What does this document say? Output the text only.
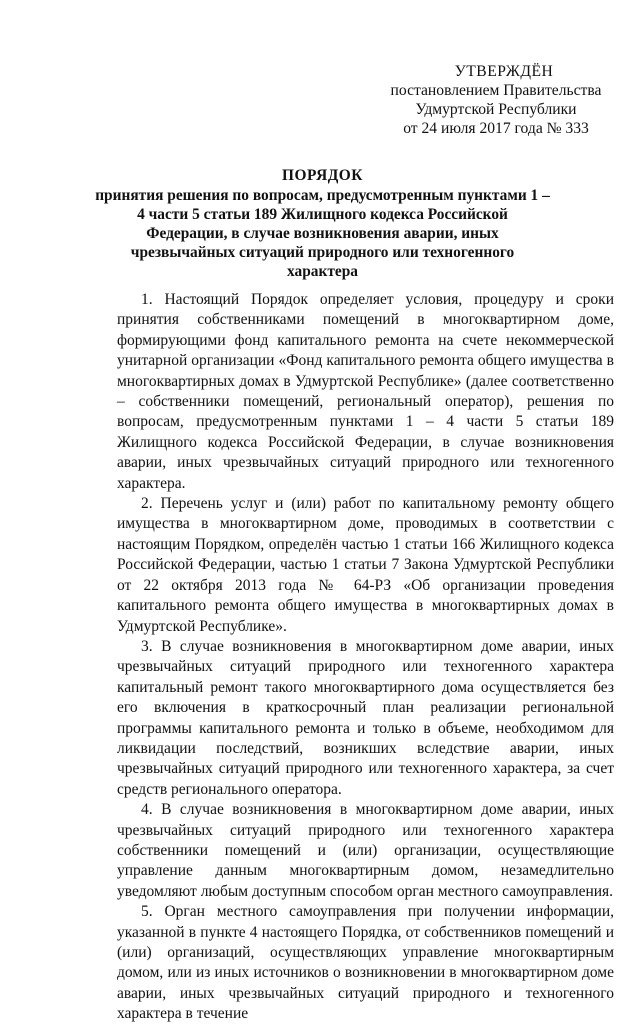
УТВЕРЖДЁН
постановлением Правительства
Удмуртской Республики
от 24 июля 2017 года № 333
ПОРЯДОК
принятия решения по вопросам, предусмотренным пунктами 1 – 4 части 5 статьи 189 Жилищного кодекса Российской Федерации, в случае возникновения аварии, иных чрезвычайных ситуаций природного или техногенного характера

1. Настоящий Порядок определяет условия, процедуру и сроки принятия собственниками помещений в многоквартирном доме, формирующими фонд капитального ремонта на счете некоммерческой унитарной организации «Фонд капитального ремонта общего имущества в многоквартирных домах в Удмуртской Республике» (далее соответственно – собственники помещений, региональный оператор), решения по вопросам, предусмотренным пунктами 1 – 4 части 5 статьи 189 Жилищного кодекса Российской Федерации, в случае возникновения аварии, иных чрезвычайных ситуаций природного или техногенного характера.

2. Перечень услуг и (или) работ по капитальному ремонту общего имущества в многоквартирном доме, проводимых в соответствии с настоящим Порядком, определён частью 1 статьи 166 Жилищного кодекса Российской Федерации, частью 1 статьи 7 Закона Удмуртской Республики от 22 октября 2013 года № 64-РЗ «Об организации проведения капитального ремонта общего имущества в многоквартирных домах в Удмуртской Республике».

3. В случае возникновения в многоквартирном доме аварии, иных чрезвычайных ситуаций природного или техногенного характера капитальный ремонт такого многоквартирного дома осуществляется без его включения в краткосрочный план реализации региональной программы капитального ремонта и только в объеме, необходимом для ликвидации последствий, возникших вследствие аварии, иных чрезвычайных ситуаций природного или техногенного характера, за счет средств регионального оператора.

4. В случае возникновения в многоквартирном доме аварии, иных чрезвычайных ситуаций природного или техногенного характера собственники помещений и (или) организации, осуществляющие управление данным многоквартирным домом, незамедлительно уведомляют любым доступным способом орган местного самоуправления.

5. Орган местного самоуправления при получении информации, указанной в пункте 4 настоящего Порядка, от собственников помещений и (или) организаций, осуществляющих управление многоквартирным домом, или из иных источников о возникновении в многоквартирном доме аварии, иных чрезвычайных ситуаций природного и техногенного характера в течение
